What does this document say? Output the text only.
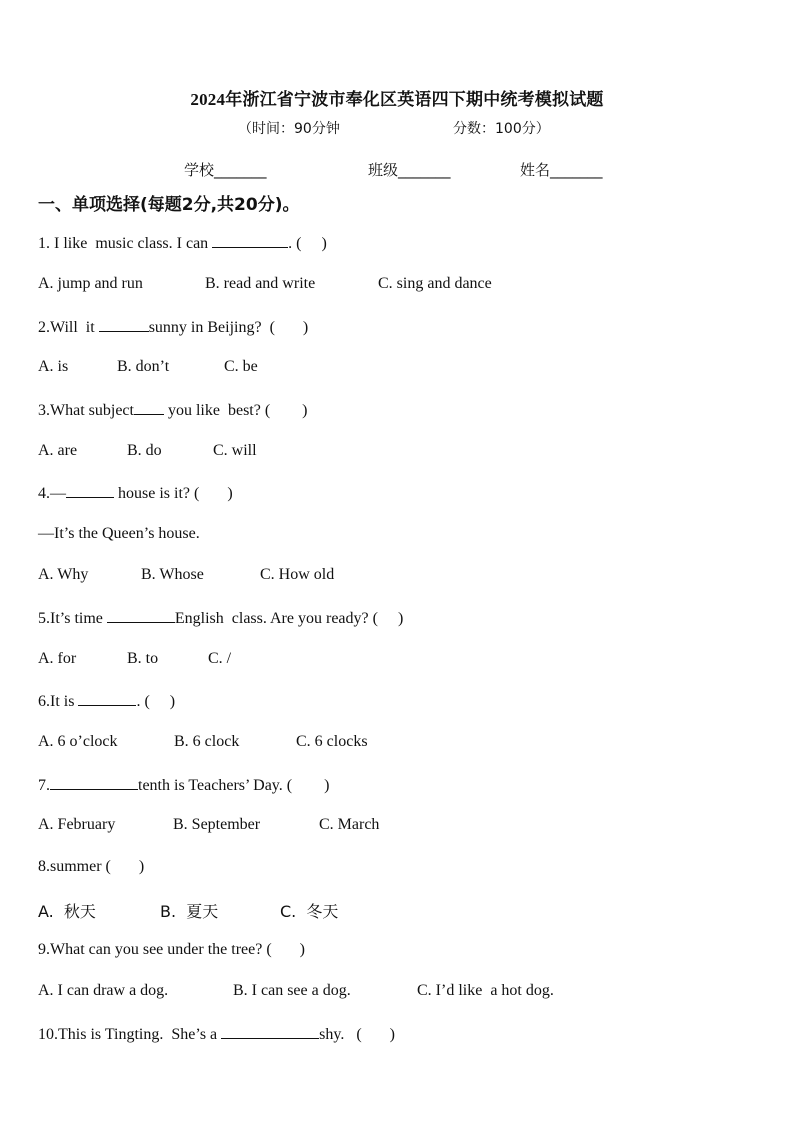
2024年浙江省宁波市奉化区英语四下期中统考模拟试题
（时间：90分钟	分数：100分）
学校_______	班级_______	姓名_______
一、单项选择(每题2分,共20分)。
1. I like  music class. I can	. (     )
A. jump and run	B. read and write	C. sing and dance
2.Will  it	sunny in Beijing?  (       )
A. is	B. don’t	C. be
3.What subject you like  best? (        )
A. are	B. do	C. will
4.—	house is it? (       )
—It’s the Queen’s house.
A. Why	B. Whose	C. How old
5.It’s time	English  class. Are you ready? (     )
A. for	B. to	C. /
6.It is	. (     )
A. 6 o’clock	B. 6 clock	C. 6 clocks
7.	tenth is Teachers’ Day. (        )
A. February	B. September	C. March
8.summer (       )
A.  秋天	B.  夏天	C.  冬天
9.What can you see under the tree? (       )
A. I can draw a dog.	B. I can see a dog.	C. I’d like  a hot dog.
10.This is Tingting.  She’s a	shy.   (       )
